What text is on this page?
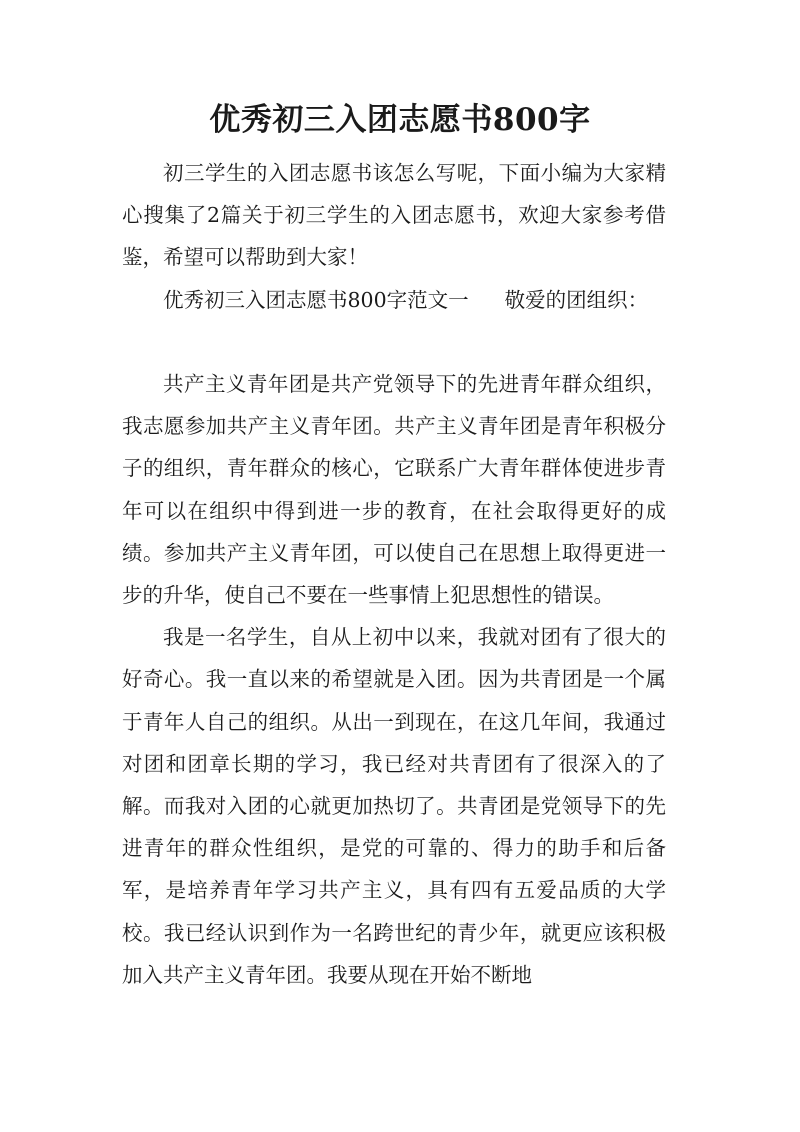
优秀初三入团志愿书800字

初三学生的入团志愿书该怎么写呢，下面小编为大家精心搜集了2篇关于初三学生的入团志愿书，欢迎大家参考借鉴，希望可以帮助到大家！

优秀初三入团志愿书800字范文一 敬爱的团组织：

共产主义青年团是共产党领导下的先进青年群众组织，我志愿参加共产主义青年团。共产主义青年团是青年积极分子的组织，青年群众的核心，它联系广大青年群体使进步青年可以在组织中得到进一步的教育，在社会取得更好的成绩。参加共产主义青年团，可以使自己在思想上取得更进一步的升华，使自己不要在一些事情上犯思想性的错误。

我是一名学生，自从上初中以来，我就对团有了很大的好奇心。我一直以来的希望就是入团。因为共青团是一个属于青年人自己的组织。从出一到现在，在这几年间，我通过对团和团章长期的学习，我已经对共青团有了很深入的了解。而我对入团的心就更加热切了。共青团是党领导下的先进青年的群众性组织，是党的可靠的、得力的助手和后备军，是培养青年学习共产主义，具有四有五爱品质的大学校。我已经认识到作为一名跨世纪的青少年，就更应该积极加入共产主义青年团。我要从现在开始不断地
